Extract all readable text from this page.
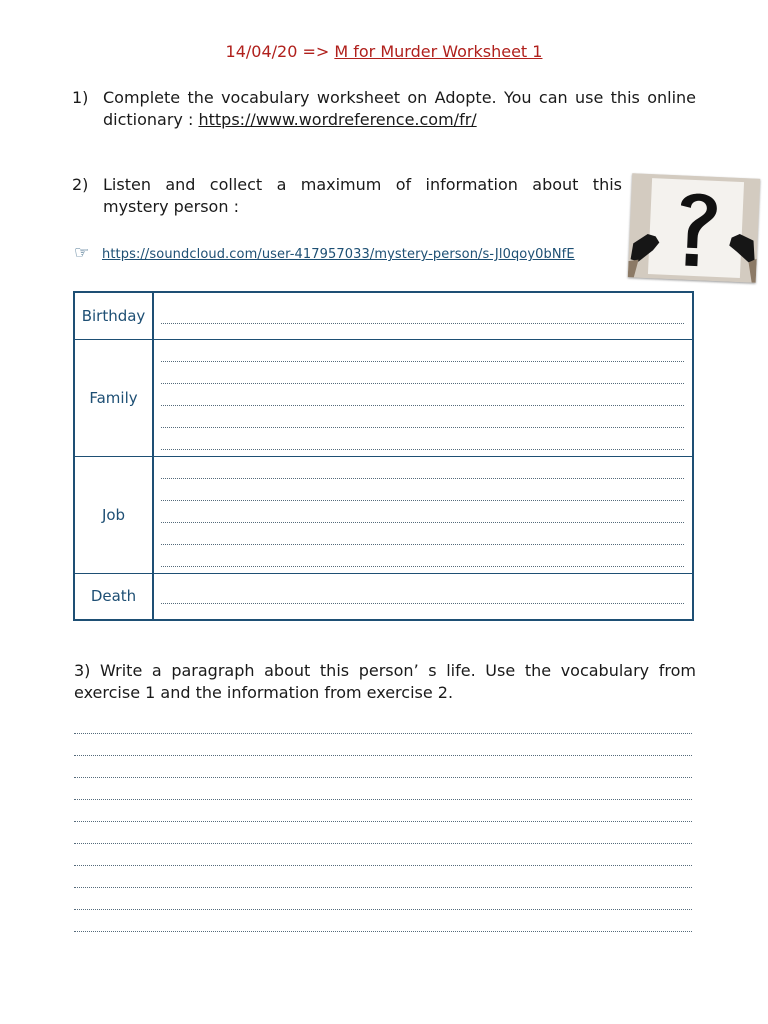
14/04/20 => M for Murder Worksheet 1
1) Complete the vocabulary worksheet on Adopte. You can use this online dictionary : https://www.wordreference.com/fr/
2) Listen and collect a maximum of information about this
mystery person :
☞ https://soundcloud.com/user-417957033/mystery-person/s-Jl0qoy0bNfE
Birthday	

Family	

Job	

Death	
3) Write a paragraph about this person’ s life. Use the vocabulary from exercise 1 and the information from exercise 2.
